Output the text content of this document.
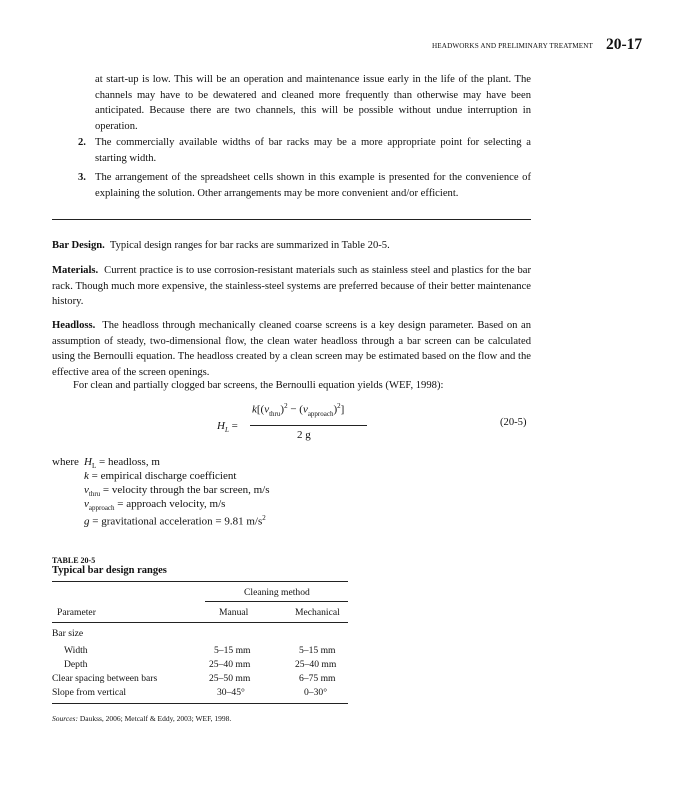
HEADWORKS AND PRELIMINARY TREATMENT 20-17
at start-up is low. This will be an operation and maintenance issue early in the life of the plant. The channels may have to be dewatered and cleaned more frequently than otherwise may have been anticipated. Because there are two channels, this will be possible without undue interruption in operation.
2. The commercially available widths of bar racks may be a more appropriate point for selecting a starting width.
3. The arrangement of the spreadsheet cells shown in this example is presented for the convenience of explaining the solution. Other arrangements may be more convenient and/or efficient.
Bar Design. Typical design ranges for bar racks are summarized in Table 20-5.
Materials. Current practice is to use corrosion-resistant materials such as stainless steel and plastics for the bar rack. Though much more expensive, the stainless-steel systems are preferred because of their better maintenance history.
Headloss. The headloss through mechanically cleaned coarse screens is a key design parameter. Based on an assumption of steady, two-dimensional flow, the clean water headloss through a bar screen can be calculated using the Bernoulli equation. The headloss created by a clean screen may be estimated based on the flow and the effective area of the screen openings.
For clean and partially clogged bar screens, the Bernoulli equation yields (WEF, 1998):
$H_L$ =
$k[(v_{thru})^2 - (v_{approach})^2]$
2 g
(20-5)
where $H_L$ = headloss, m
k = empirical discharge coefficient
$v_{thru}$ = velocity through the bar screen, m/s
$v_{approach}$ = approach velocity, m/s
g = gravitational acceleration = 9.81 $m/s^2$
TABLE 20-5
Typical bar design ranges
Cleaning method
Parameter	Manual	Mechanical
Bar size
Width	5–15 mm	5–15 mm
Depth	25–40 mm	25–40 mm
Clear spacing between bars	25–50 mm	6–75 mm
Slope from vertical	30–45°	0–30°
Sources: Daukss, 2006; Metcalf & Eddy, 2003; WEF, 1998.
